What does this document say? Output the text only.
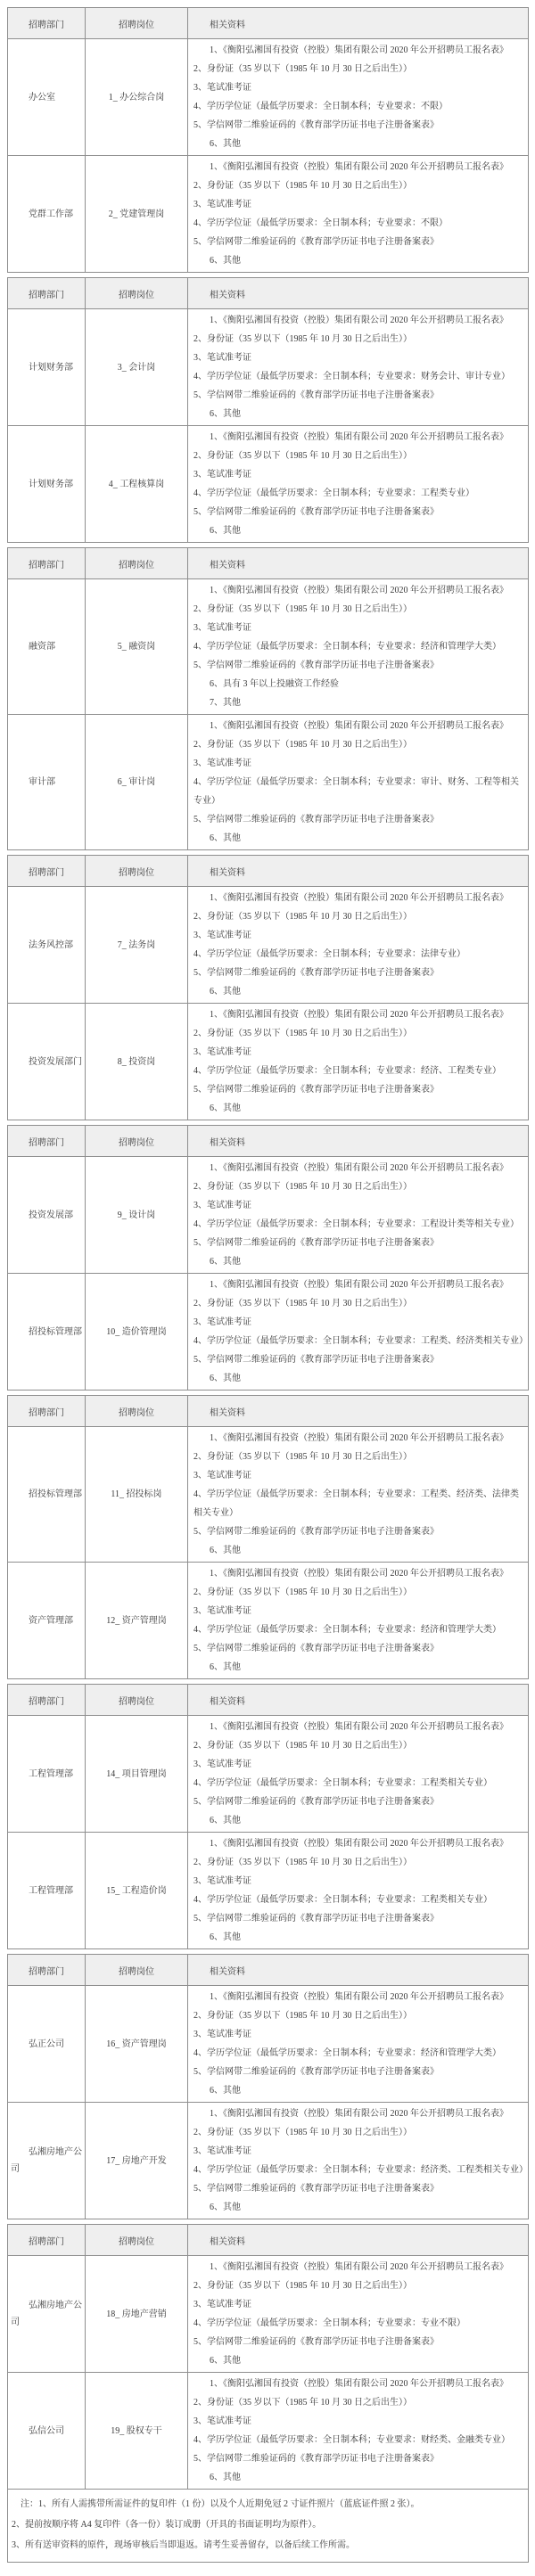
招聘部门	招聘岗位	相关资料
办公室	1_ 办公综合岗	
1、《衡阳弘湘国有投资（控股）集团有限公司 2020 年公开招聘员工报名表》
2、身份证（35 岁以下（1985 年 10 月 30 日之后出生））
3、笔试准考证
4、学历学位证（最低学历要求：全日制本科；专业要求：不限）
5、学信网带二维验证码的《教育部学历证书电子注册备案表》
6、其他

党群工作部	2_ 党建管理岗	
1、《衡阳弘湘国有投资（控股）集团有限公司 2020 年公开招聘员工报名表》
2、身份证（35 岁以下（1985 年 10 月 30 日之后出生））
3、笔试准考证
4、学历学位证（最低学历要求：全日制本科；专业要求：不限）
5、学信网带二维验证码的《教育部学历证书电子注册备案表》
6、其他
招聘部门	招聘岗位	相关资料
计划财务部	3_ 会计岗	
1、《衡阳弘湘国有投资（控股）集团有限公司 2020 年公开招聘员工报名表》
2、身份证（35 岁以下（1985 年 10 月 30 日之后出生））
3、笔试准考证
4、学历学位证（最低学历要求：全日制本科；专业要求：财务会计、审计专业）
5、学信网带二维验证码的《教育部学历证书电子注册备案表》
6、其他

计划财务部	4_ 工程核算岗	
1、《衡阳弘湘国有投资（控股）集团有限公司 2020 年公开招聘员工报名表》
2、身份证（35 岁以下（1985 年 10 月 30 日之后出生））
3、笔试准考证
4、学历学位证（最低学历要求：全日制本科；专业要求：工程类专业）
5、学信网带二维验证码的《教育部学历证书电子注册备案表》
6、其他
招聘部门	招聘岗位	相关资料
融资部	5_ 融资岗	
1、《衡阳弘湘国有投资（控股）集团有限公司 2020 年公开招聘员工报名表》
2、身份证（35 岁以下（1985 年 10 月 30 日之后出生））
3、笔试准考证
4、学历学位证（最低学历要求：全日制本科；专业要求：经济和管理学大类）
5、学信网带二维验证码的《教育部学历证书电子注册备案表》
6、具有 3 年以上投融资工作经验
7、其他

审计部	6_ 审计岗	
1、《衡阳弘湘国有投资（控股）集团有限公司 2020 年公开招聘员工报名表》
2、身份证（35 岁以下（1985 年 10 月 30 日之后出生））
3、笔试准考证
4、学历学位证（最低学历要求：全日制本科；专业要求：审计、财务、工程等相关专业）
5、学信网带二维验证码的《教育部学历证书电子注册备案表》
6、其他
招聘部门	招聘岗位	相关资料
法务风控部	7_ 法务岗	
1、《衡阳弘湘国有投资（控股）集团有限公司 2020 年公开招聘员工报名表》
2、身份证（35 岁以下（1985 年 10 月 30 日之后出生））
3、笔试准考证
4、学历学位证（最低学历要求：全日制本科；专业要求：法律专业）
5、学信网带二维验证码的《教育部学历证书电子注册备案表》
6、其他

投资发展部门	8_ 投资岗	
1、《衡阳弘湘国有投资（控股）集团有限公司 2020 年公开招聘员工报名表》
2、身份证（35 岁以下（1985 年 10 月 30 日之后出生））
3、笔试准考证
4、学历学位证（最低学历要求：全日制本科；专业要求：经济、工程类专业）
5、学信网带二维验证码的《教育部学历证书电子注册备案表》
6、其他
招聘部门	招聘岗位	相关资料
投资发展部	9_ 设计岗	
1、《衡阳弘湘国有投资（控股）集团有限公司 2020 年公开招聘员工报名表》
2、身份证（35 岁以下（1985 年 10 月 30 日之后出生））
3、笔试准考证
4、学历学位证（最低学历要求：全日制本科；专业要求：工程设计类等相关专业）
5、学信网带二维验证码的《教育部学历证书电子注册备案表》
6、其他

招投标管理部	10_ 造价管理岗	
1、《衡阳弘湘国有投资（控股）集团有限公司 2020 年公开招聘员工报名表》
2、身份证（35 岁以下（1985 年 10 月 30 日之后出生））
3、笔试准考证
4、学历学位证（最低学历要求：全日制本科；专业要求：工程类、经济类相关专业）
5、学信网带二维验证码的《教育部学历证书电子注册备案表》
6、其他
招聘部门	招聘岗位	相关资料
招投标管理部	11_ 招投标岗	
1、《衡阳弘湘国有投资（控股）集团有限公司 2020 年公开招聘员工报名表》
2、身份证（35 岁以下（1985 年 10 月 30 日之后出生））
3、笔试准考证
4、学历学位证（最低学历要求：全日制本科；专业要求：工程类、经济类、法律类相关专业）
5、学信网带二维验证码的《教育部学历证书电子注册备案表》
6、其他

资产管理部	12_ 资产管理岗	
1、《衡阳弘湘国有投资（控股）集团有限公司 2020 年公开招聘员工报名表》
2、身份证（35 岁以下（1985 年 10 月 30 日之后出生））
3、笔试准考证
4、学历学位证（最低学历要求：全日制本科；专业要求：经济和管理学大类）
5、学信网带二维验证码的《教育部学历证书电子注册备案表》
6、其他
招聘部门	招聘岗位	相关资料
工程管理部	14_ 项目管理岗	
1、《衡阳弘湘国有投资（控股）集团有限公司 2020 年公开招聘员工报名表》
2、身份证（35 岁以下（1985 年 10 月 30 日之后出生））
3、笔试准考证
4、学历学位证（最低学历要求：全日制本科；专业要求：工程类相关专业）
5、学信网带二维验证码的《教育部学历证书电子注册备案表》
6、其他

工程管理部	15_ 工程造价岗	
1、《衡阳弘湘国有投资（控股）集团有限公司 2020 年公开招聘员工报名表》
2、身份证（35 岁以下（1985 年 10 月 30 日之后出生））
3、笔试准考证
4、学历学位证（最低学历要求：全日制本科；专业要求：工程类相关专业）
5、学信网带二维验证码的《教育部学历证书电子注册备案表》
6、其他
招聘部门	招聘岗位	相关资料
弘正公司	16_ 资产管理岗	
1、《衡阳弘湘国有投资（控股）集团有限公司 2020 年公开招聘员工报名表》
2、身份证（35 岁以下（1985 年 10 月 30 日之后出生））
3、笔试准考证
4、学历学位证（最低学历要求：全日制本科；专业要求：经济和管理学大类）
5、学信网带二维验证码的《教育部学历证书电子注册备案表》
6、其他

弘湘房地产公司	17_ 房地产开发	
1、《衡阳弘湘国有投资（控股）集团有限公司 2020 年公开招聘员工报名表》
2、身份证（35 岁以下（1985 年 10 月 30 日之后出生））
3、笔试准考证
4、学历学位证（最低学历要求：全日制本科；专业要求：经济类、工程类相关专业）
5、学信网带二维验证码的《教育部学历证书电子注册备案表》
6、其他
招聘部门	招聘岗位	相关资料
弘湘房地产公司	18_ 房地产营销	
1、《衡阳弘湘国有投资（控股）集团有限公司 2020 年公开招聘员工报名表》
2、身份证（35 岁以下（1985 年 10 月 30 日之后出生））
3、笔试准考证
4、学历学位证（最低学历要求：全日制本科；专业要求：专业不限）
5、学信网带二维验证码的《教育部学历证书电子注册备案表》
6、其他

弘信公司	19_ 股权专干	
1、《衡阳弘湘国有投资（控股）集团有限公司 2020 年公开招聘员工报名表》
2、身份证（35 岁以下（1985 年 10 月 30 日之后出生））
3、笔试准考证
4、学历学位证（最低学历要求：全日制本科；专业要求：财经类、金融类专业）
5、学信网带二维验证码的《教育部学历证书电子注册备案表》
6、其他

注：1、所有人需携带所需证件的复印件（1 份）以及个人近期免冠 2 寸证件照片（蓝底证件照 2 张）。
2、提前按顺序将 A4 复印件（各一份）装订成册（开具的书面证明均为原件）。
3、所有送审资料的原件，现场审核后当即退返。请考生妥善留存，以备后续工作所需。		
